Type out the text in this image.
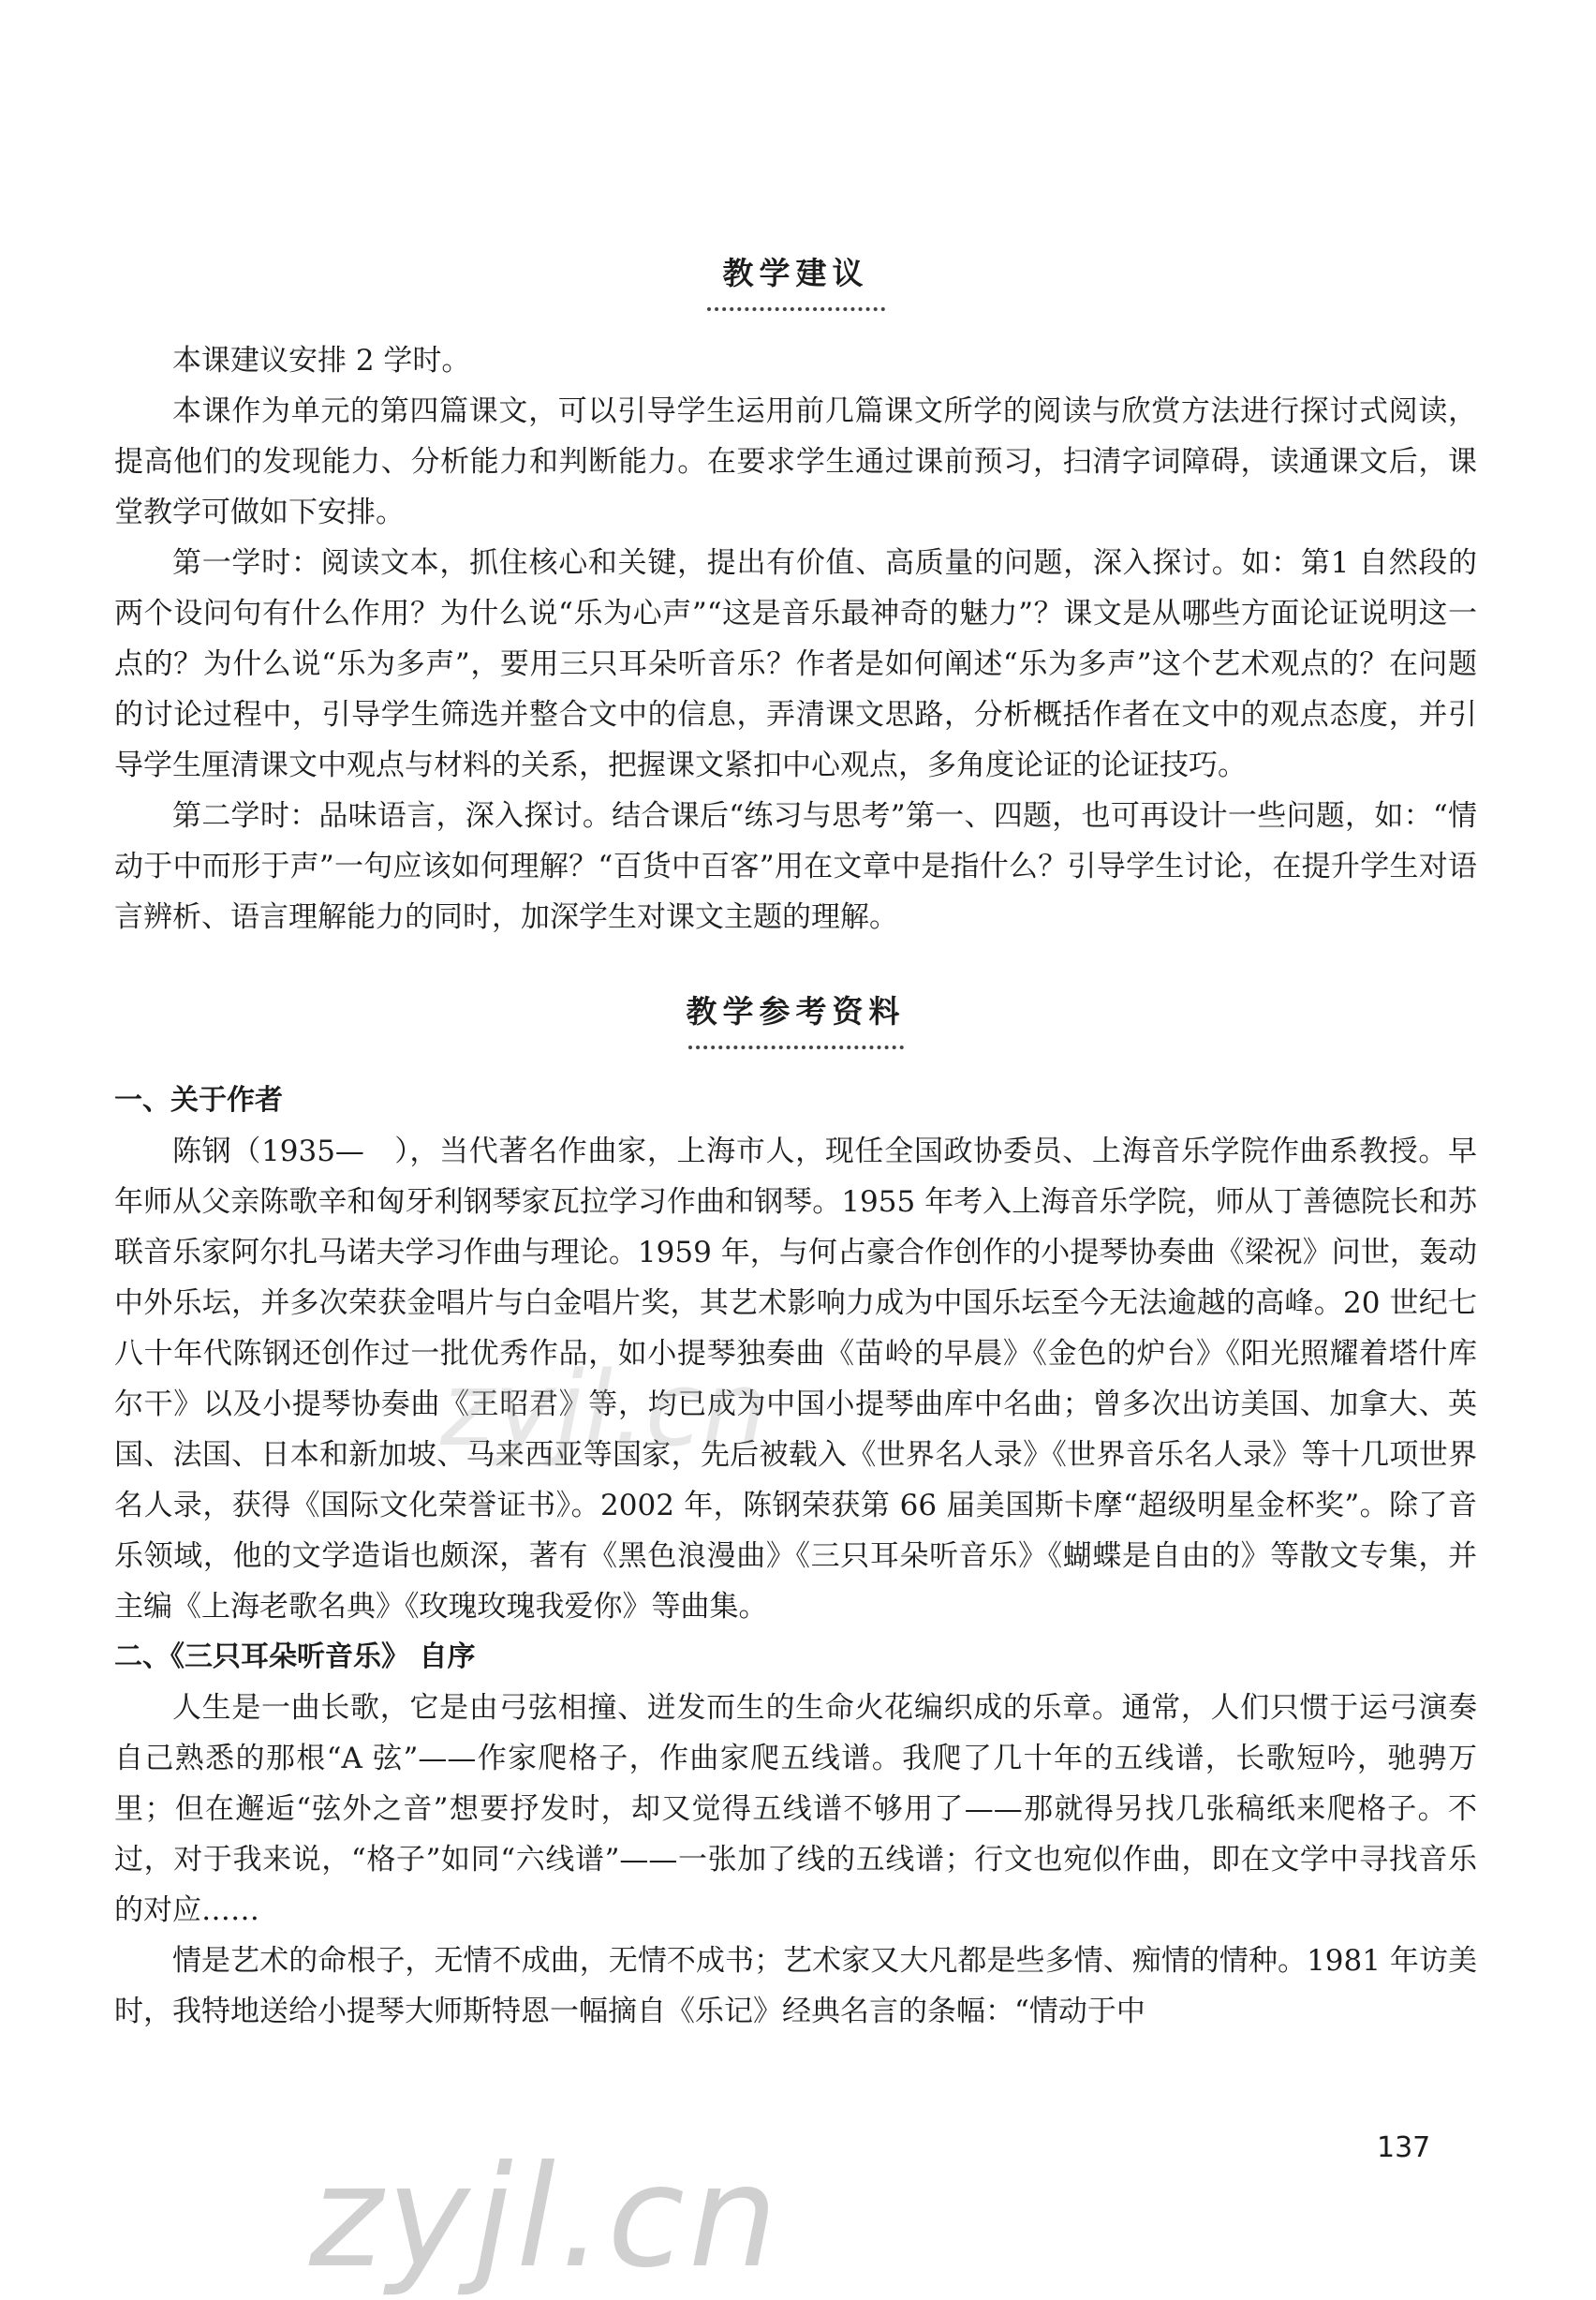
教学建议

本课建议安排 2 学时。

本课作为单元的第四篇课文，可以引导学生运用前几篇课文所学的阅读与欣赏方法进行探讨式阅读，提高他们的发现能力、分析能力和判断能力。在要求学生通过课前预习，扫清字词障碍，读通课文后，课堂教学可做如下安排。

第一学时：阅读文本，抓住核心和关键，提出有价值、高质量的问题，深入探讨。如：第1 自然段的两个设问句有什么作用？为什么说“乐为心声”“这是音乐最神奇的魅力”？课文是从哪些方面论证说明这一点的？为什么说“乐为多声”，要用三只耳朵听音乐？作者是如何阐述“乐为多声”这个艺术观点的？在问题的讨论过程中，引导学生筛选并整合文中的信息，弄清课文思路，分析概括作者在文中的观点态度，并引导学生厘清课文中观点与材料的关系，把握课文紧扣中心观点，多角度论证的论证技巧。

第二学时：品味语言，深入探讨。结合课后“练习与思考”第一、四题，也可再设计一些问题，如：“情动于中而形于声”一句应该如何理解？“百货中百客”用在文章中是指什么？引导学生讨论，在提升学生对语言辨析、语言理解能力的同时，加深学生对课文主题的理解。

教学参考资料

一、关于作者

陈钢（1935—　），当代著名作曲家，上海市人，现任全国政协委员、上海音乐学院作曲系教授。早年师从父亲陈歌辛和匈牙利钢琴家瓦拉学习作曲和钢琴。1955 年考入上海音乐学院，师从丁善德院长和苏联音乐家阿尔扎马诺夫学习作曲与理论。1959 年，与何占豪合作创作的小提琴协奏曲《梁祝》问世，轰动中外乐坛，并多次荣获金唱片与白金唱片奖，其艺术影响力成为中国乐坛至今无法逾越的高峰。20 世纪七八十年代陈钢还创作过一批优秀作品，如小提琴独奏曲《苗岭的早晨》《金色的炉台》《阳光照耀着塔什库尔干》以及小提琴协奏曲《王昭君》等，均已成为中国小提琴曲库中名曲；曾多次出访美国、加拿大、英国、法国、日本和新加坡、马来西亚等国家，先后被载入《世界名人录》《世界音乐名人录》等十几项世界名人录，获得《国际文化荣誉证书》。2002 年，陈钢荣获第 66 届美国斯卡摩“超级明星金杯奖”。除了音乐领域，他的文学造诣也颇深，著有《黑色浪漫曲》《三只耳朵听音乐》《蝴蝶是自由的》等散文专集，并主编《上海老歌名典》《玫瑰玫瑰我爱你》等曲集。

二、《三只耳朵听音乐》 自序

人生是一曲长歌，它是由弓弦相撞、迸发而生的生命火花编织成的乐章。通常，人们只惯于运弓演奏自己熟悉的那根“A 弦”——作家爬格子，作曲家爬五线谱。我爬了几十年的五线谱，长歌短吟，驰骋万里；但在邂逅“弦外之音”想要抒发时，却又觉得五线谱不够用了——那就得另找几张稿纸来爬格子。不过，对于我来说，“格子”如同“六线谱”——一张加了线的五线谱；行文也宛似作曲，即在文学中寻找音乐的对应……

情是艺术的命根子，无情不成曲，无情不成书；艺术家又大凡都是些多情、痴情的情种。1981 年访美时，我特地送给小提琴大师斯特恩一幅摘自《乐记》经典名言的条幅：“情动于中

zyjl.cn
137
zyjl.cn
